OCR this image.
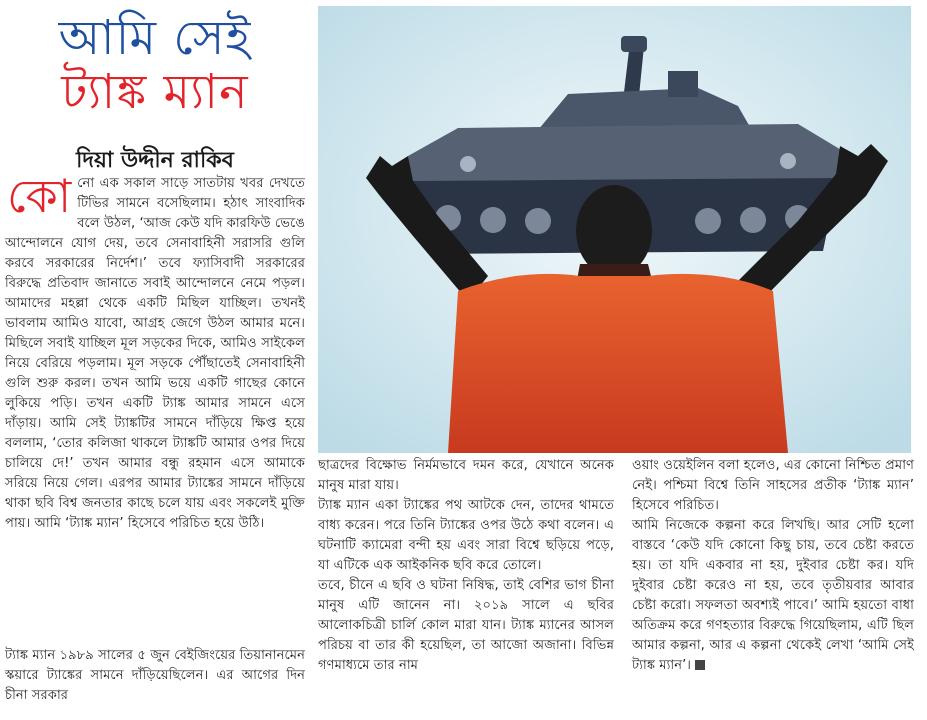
আমি সেই
ট্যাঙ্ক ম্যান
দিয়া উদ্দীন রাকিব

কোনো এক সকাল সাড়ে সাতটায় খবর দেখতে টিভির সামনে বসেছিলাম। হঠাৎ সাংবাদিক বলে উঠল, ‘আজ কেউ যদি কারফিউ ভেঙে আন্দোলনে যোগ দেয়, তবে সেনাবাহিনী সরাসরি গুলি করবে সরকারের নির্দেশ।’ তবে ফ্যাসিবাদী সরকারের বিরুদ্ধে প্রতিবাদ জানাতে সবাই আন্দোলনে নেমে পড়ল। আমাদের মহল্লা থেকে একটি মিছিল যাচ্ছিল। তখনই ভাবলাম আমিও যাবো, আগ্রহ জেগে উঠল আমার মনে। মিছিলে সবাই যাচ্ছিল মূল সড়কের দিকে, আমিও সাইকেল নিয়ে বেরিয়ে পড়লাম। মূল সড়কে পৌঁছাতেই সেনাবাহিনী গুলি শুরু করল। তখন আমি ভয়ে একটি গাছের কোনে লুকিয়ে পড়ি। তখন একটি ট্যাঙ্ক আমার সামনে এসে দাঁড়ায়। আমি সেই ট্যাঙ্কটির সামনে দাঁড়িয়ে ক্ষিপ্ত হয়ে বললাম, ‘তোর কলিজা থাকলে ট্যাঙ্কটি আমার ওপর দিয়ে চালিয়ে দে!’ তখন আমার বন্ধু রহমান এসে আমাকে সরিয়ে নিয়ে গেল। এরপর আমার ট্যাঙ্কের সামনে দাঁড়িয়ে থাকা ছবি বিশ্ব জনতার কাছে চলে যায় এবং সকলেই মুক্তি পায়। আমি ‘ট্যাঙ্ক ম্যান’ হিসেবে পরিচিত হয়ে উঠি।

ট্যাঙ্ক ম্যান ১৯৮৯ সালের ৫ জুন বেইজিংয়ের তিয়ানানমেন স্কয়ারে ট্যাঙ্কের সামনে দাঁড়িয়েছিলেন। এর আগের দিন চীনা সরকার

ছাত্রদের বিক্ষোভ নির্মমভাবে দমন করে, যেখানে অনেক মানুষ মারা যায়।

ট্যাঙ্ক ম্যান একা ট্যাঙ্কের পথ আটকে দেন, তাদের থামতে বাধ্য করেন। পরে তিনি ট্যাঙ্কের ওপর উঠে কথা বলেন। এ ঘটনাটি ক্যামেরা বন্দী হয় এবং সারা বিশ্বে ছড়িয়ে পড়ে, যা এটিকে এক আইকনিক ছবি করে তোলে।

তবে, চীনে এ ছবি ও ঘটনা নিষিদ্ধ, তাই বেশির ভাগ চীনা মানুষ এটি জানেন না। ২০১৯ সালে এ ছবির আলোকচিত্রী চার্লি কোল মারা যান। ট্যাঙ্ক ম্যানের আসল পরিচয় বা তার কী হয়েছিল, তা আজো অজানা। বিভিন্ন গণমাধ্যমে তার নাম

ওয়াং ওয়েইলিন বলা হলেও, এর কোনো নিশ্চিত প্রমাণ নেই। পশ্চিমা বিশ্বে তিনি সাহসের প্রতীক ‘ট্যাঙ্ক ম্যান’ হিসেবে পরিচিত।

আমি নিজেকে কল্পনা করে লিখছি। আর সেটি হলো বাস্তবে ‘কেউ যদি কোনো কিছু চায়, তবে চেষ্টা করতে হয়। তা যদি একবার না হয়, দুইবার চেষ্টা কর। যদি দুইবার চেষ্টা করেও না হয়, তবে তৃতীয়বার আবার চেষ্টা করো। সফলতা অবশ্যই পাবে।’ আমি হয়তো বাধা অতিক্রম করে গণহত্যার বিরুদ্ধে গিয়েছিলাম, এটি ছিল আমার কল্পনা, আর এ কল্পনা থেকেই লেখা ‘আমি সেই ট্যাঙ্ক ম্যান’।
